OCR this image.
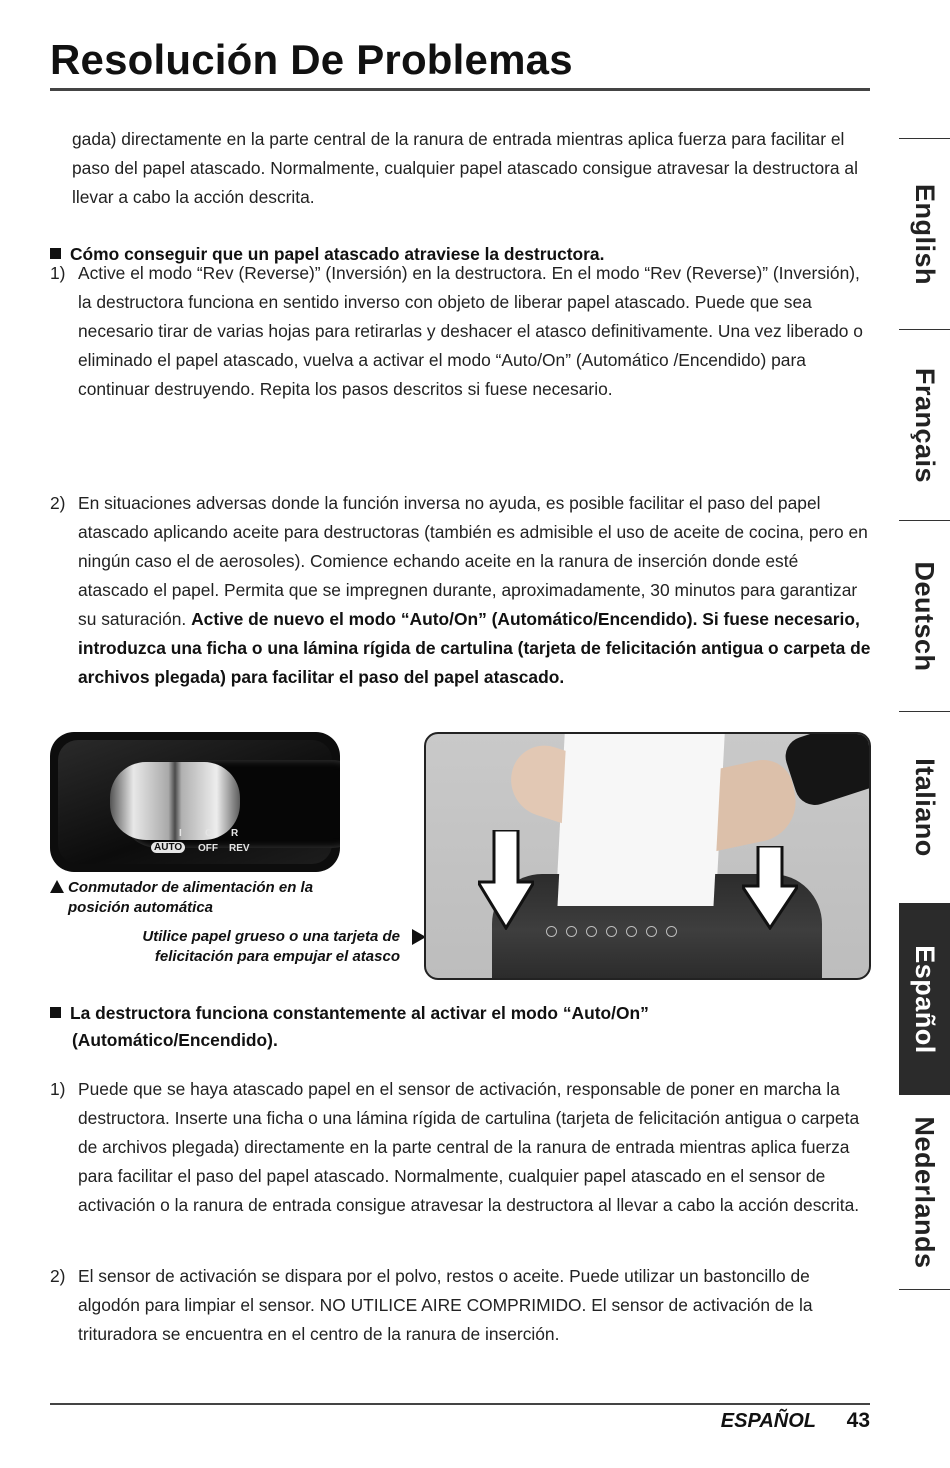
Resolución De Problemas

gada) directamente en la parte central de la ranura de entrada mientras aplica fuerza para facilitar el paso del papel atascado. Normalmente, cualquier papel atascado consigue atravesar la destructora al llevar a cabo la acción descrita.

Cómo conseguir que un papel atascado atraviese la destructora.
1) Active el modo “Rev (Reverse)” (Inversión) en la destructora. En el modo “Rev (Reverse)” (Inversión), la destructora funciona en sentido inverso con objeto de liberar papel atascado. Puede que sea necesario tirar de varias hojas para retirarlas y deshacer el atasco definitivamente. Una vez liberado o eliminado el papel atascado, vuelva a activar el modo “Auto/On” (Automático /Encendido) para continuar destruyendo. Repita los pasos descritos si fuese necesario.

2) En situaciones adversas donde la función inversa no ayuda, es posible facilitar el paso del papel atascado aplicando aceite para destructoras (también es admisible el uso de aceite de cocina, pero en ningún caso el de aerosoles). Comience echando aceite en la ranura de inserción donde esté atascado el papel. Permita que se impregnen durante, aproximadamente, 30 minutos para garantizar su saturación. Active de nuevo el modo “Auto/On” (Automático/Encendido). Si fuese necesario, introduzca una ficha o una lámina rígida de cartulina (tarjeta de felicitación antigua o carpeta de archivos plegada) para facilitar el paso del papel atascado.

I O R
AUTO	OFF REV

Conmutador de alimentación en la posición automática

Utilice papel grueso o una tarjeta de felicitación para empujar el atasco

La destructora funciona constantemente al activar el modo “Auto/On”
(Automático/Encendido).
1) Puede que se haya atascado papel en el sensor de activación, responsable de poner en marcha la destructora. Inserte una ficha o una lámina rígida de cartulina (tarjeta de felicitación antigua o carpeta de archivos plegada) directamente en la parte central de la ranura de entrada mientras aplica fuerza para facilitar el paso del papel atascado. Normalmente, cualquier papel atascado en el sensor de activación o la ranura de entrada consigue atravesar la destructora al llevar a cabo la acción descrita.

2) El sensor de activación se dispara por el polvo, restos o aceite. Puede utilizar un bastoncillo de algodón para limpiar el sensor. NO UTILICE AIRE COMPRIMIDO. El sensor de activación de la trituradora se encuentra en el centro de la ranura de inserción.

English
Français
Deutsch
Italiano
Español
Nederlands
ESPAÑOL 43
